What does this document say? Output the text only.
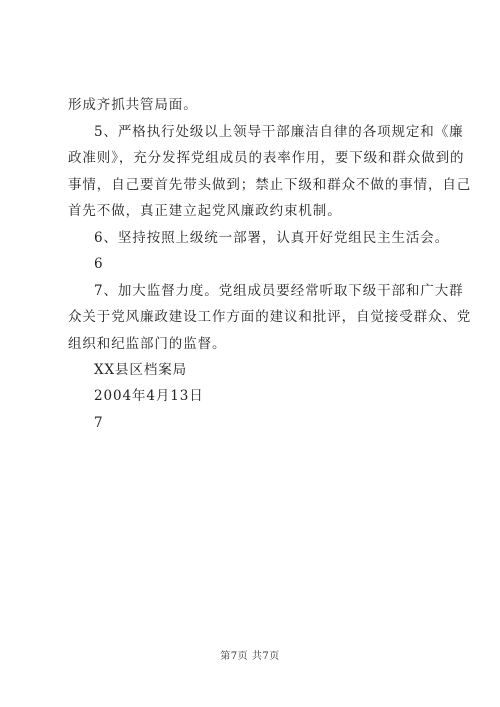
形成齐抓共管局面。
5、严格执行处级以上领导干部廉洁自律的各项规定和《廉
政准则》，充分发挥党组成员的表率作用，要下级和群众做到的
事情，自己要首先带头做到；禁止下级和群众不做的事情，自己
首先不做，真正建立起党风廉政约束机制。
6、坚持按照上级统一部署，认真开好党组民主生活会。
6
7、加大监督力度。党组成员要经常听取下级干部和广大群
众关于党风廉政建设工作方面的建议和批评，自觉接受群众、党
组织和纪监部门的监督。
XX县区档案局
2004年4月13日
7
第7页 共7页
